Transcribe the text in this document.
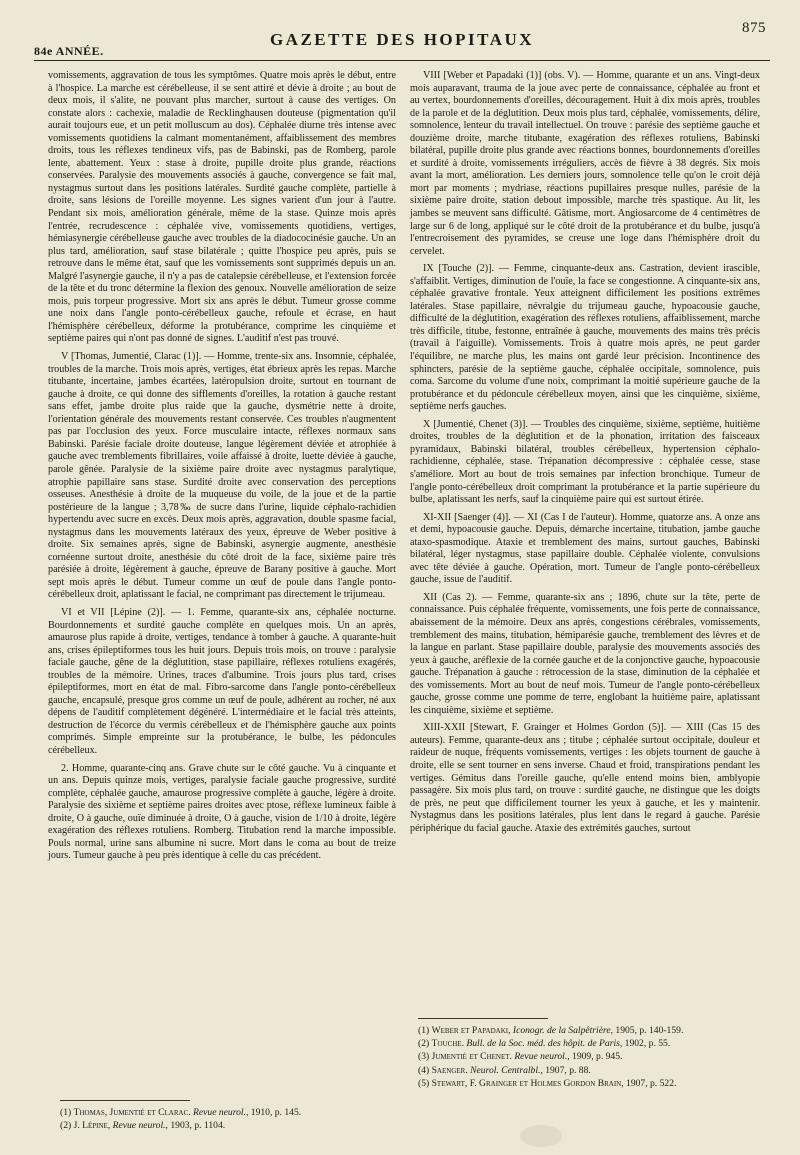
84e ANNÉE.
GAZETTE DES HOPITAUX
875

vomissements, aggravation de tous les symptômes. Quatre mois après le début, entre à l'hospice. La marche est cérébelleuse, il se sent attiré et dévie à droite ; au bout de deux mois, il s'alite, ne pouvant plus marcher, surtout à cause des vertiges. On constate alors : cachexie, maladie de Recklinghausen douteuse (pigmentation qu'il aurait toujours eue, et un petit molluscum au dos). Céphalée diurne très intense avec vomissements quotidiens la calmant momentanément, affaiblissement des membres droits, tous les réflexes tendineux vifs, pas de Babinski, pas de Romberg, parole lente, abattement. Yeux : stase à droite, pupille droite plus grande, réactions conservées. Paralysie des mouvements associés à gauche, convergence se fait mal, nystagmus surtout dans les positions latérales. Surdité gauche complète, partielle à droite, sans lésions de l'oreille moyenne. Les signes varient d'un jour à l'autre. Pendant six mois, amélioration générale, même de la stase. Quinze mois après l'entrée, recrudescence : céphalée vive, vomissements quotidiens, vertiges, hémiasynergie cérébelleuse gauche avec troubles de la diadococinésie gauche. Un an plus tard, amélioration, sauf stase bilatérale ; quitte l'hospice peu après, puis se retrouve dans le même état, sauf que les vomissements sont supprimés depuis un an. Malgré l'asynergie gauche, il n'y a pas de catalepsie cérébelleuse, et l'extension forcée de la tête et du tronc détermine la flexion des genoux. Nouvelle amélioration de seize mois, puis torpeur progressive. Mort six ans après le début. Tumeur grosse comme une noix dans l'angle ponto-cérébelleux gauche, refoule et écrase, en haut l'hémisphère cérébelleux, déforme la protubérance, comprime les cinquième et septième paires qui n'ont pas donné de signes. L'auditif n'est pas trouvé.

V [Thomas, Jumentié, Clarac (1)]. — Homme, trente-six ans. Insomnie, céphalée, troubles de la marche. Trois mois après, vertiges, état ébrieux après les repas. Marche titubante, incertaine, jambes écartées, latéropulsion droite, surtout en tournant de gauche à droite, ce qui donne des sifflements d'oreilles, la rotation à gauche restant sans effet, jambe droite plus raide que la gauche, dysmétrie nette à droite, l'orientation générale des mouvements restant conservée. Ces troubles n'augmentent pas par l'occlusion des yeux. Force musculaire intacte, réflexes normaux sans Babinski. Parésie faciale droite douteuse, langue légèrement déviée et atrophiée à gauche avec tremblements fibrillaires, voile affaissé à droite, luette déviée à gauche, parole gênée. Paralysie de la sixième paire droite avec nystagmus paralytique, atrophie papillaire sans stase. Surdité droite avec conservation des perceptions osseuses. Anesthésie à droite de la muqueuse du voile, de la joue et de la partie postérieure de la langue ; 3,78‰ de sucre dans l'urine, liquide céphalo-rachidien hypertendu avec sucre en excès. Deux mois après, aggravation, double spasme facial, nystagmus dans les mouvements latéraux des yeux, épreuve de Weber positive à droite. Six semaines après, signe de Babinski, asynergie augmente, anesthésie cornéenne surtout droite, anesthésie du côté droit de la face, sixième paire très parésiée à droite, légèrement à gauche, épreuve de Barany positive à gauche. Mort sept mois après le début. Tumeur comme un œuf de poule dans l'angle ponto-cérébelleux droit, aplatissant le facial, ne comprimant pas directement le trijumeau.

VI et VII [Lépine (2)]. — 1. Femme, quarante-six ans, céphalée nocturne. Bourdonnements et surdité gauche complète en quelques mois. Un an après, amaurose plus rapide à droite, vertiges, tendance à tomber à gauche. A quarante-huit ans, crises épileptiformes tous les huit jours. Depuis trois mois, on trouve : paralysie faciale gauche, gêne de la déglutition, stase papillaire, réflexes rotuliens exagérés, troubles de la mémoire. Urines, traces d'albumine. Trois jours plus tard, crises épileptiformes, mort en état de mal. Fibro-sarcome dans l'angle ponto-cérébelleux gauche, encapsulé, presque gros comme un œuf de poule, adhérent au rocher, né aux dépens de l'auditif complètement dégénéré. L'intermédiaire et le facial très atteints, destruction de l'écorce du vermis cérébelleux et de l'hémisphère gauche aux points comprimés. Simple empreinte sur la protubérance, le bulbe, les pédoncules cérébelleux.

2. Homme, quarante-cinq ans. Grave chute sur le côté gauche. Vu à cinquante et un ans. Depuis quinze mois, vertiges, paralysie faciale gauche progressive, surdité complète, céphalée gauche, amaurose progressive complète à gauche, légère à droite. Paralysie des sixième et septième paires droites avec ptose, réflexe lumineux faible à droite, O à gauche, ouïe diminuée à droite, O à gauche, vision de 1/10 à droite, légère exagération des réflexes rotuliens. Romberg. Titubation rend la marche impossible. Pouls normal, urine sans albumine ni sucre. Mort dans le coma au bout de treize jours. Tumeur gauche à peu près identique à celle du cas précédent.

VIII [Weber et Papadaki (1)] (obs. V). — Homme, quarante et un ans. Vingt-deux mois auparavant, trauma de la joue avec perte de connaissance, céphalée au front et au vertex, bourdonnements d'oreilles, découragement. Huit à dix mois après, troubles de la parole et de la déglutition. Deux mois plus tard, céphalée, vomissements, délire, somnolence, lenteur du travail intellectuel. On trouve : parésie des septième gauche et douzième droite, marche titubante, exagération des réflexes rotuliens, Babinski bilatéral, pupille droite plus grande avec réactions bonnes, bourdonnements d'oreilles et surdité à droite, vomissements irréguliers, accès de fièvre à 38 degrés. Six mois avant la mort, amélioration. Les derniers jours, somnolence telle qu'on le croit déjà mort par moments ; mydriase, réactions pupillaires presque nulles, parésie de la sixième paire droite, station debout impossible, marche très spastique. Au lit, les jambes se meuvent sans difficulté. Gâtisme, mort. Angiosarcome de 4 centimètres de large sur 6 de long, appliqué sur le côté droit de la protubérance et du bulbe, jusqu'à l'entrecroisement des pyramides, se creuse une loge dans l'hémisphère droit du cervelet.

IX [Touche (2)]. — Femme, cinquante-deux ans. Castration, devient irascible, s'affaiblit. Vertiges, diminution de l'ouïe, la face se congestionne. A cinquante-six ans, céphalée gravative frontale. Yeux atteignent difficilement les positions extrêmes latérales. Stase papillaire, névralgie du trijumeau gauche, hypoacousie gauche, difficulté de la déglutition, exagération des réflexes rotuliens, affaiblissement, marche très difficile, titube, festonne, entraînée à gauche, mouvements des mains très précis (travail à l'aiguille). Vomissements. Trois à quatre mois après, ne peut garder l'équilibre, ne marche plus, les mains ont gardé leur précision. Incontinence des sphincters, parésie de la septième gauche, céphalée occipitale, somnolence, puis coma. Sarcome du volume d'une noix, comprimant la moitié supérieure gauche de la protubérance et du pédoncule cérébelleux moyen, ainsi que les cinquième, sixième, septième nerfs gauches.

X [Jumentié, Chenet (3)]. — Troubles des cinquième, sixième, septième, huitième droites, troubles de la déglutition et de la phonation, irritation des faisceaux pyramidaux, Babinski bilatéral, troubles cérébelleux, hypertension céphalo-rachidienne, céphalée, stase. Trépanation décompressive : céphalée cesse, stase s'améliore. Mort au bout de trois semaines par infection bronchique. Tumeur de l'angle ponto-cérébelleux droit comprimant la protubérance et la partie supérieure du bulbe, aplatissant les nerfs, sauf la cinquième paire qui est surtout étirée.

XI-XII [Saenger (4)]. — XI (Cas I de l'auteur). Homme, quatorze ans. A onze ans et demi, hypoacousie gauche. Depuis, démarche incertaine, titubation, jambe gauche ataxo-spasmodique. Ataxie et tremblement des mains, surtout gauches, Babinski bilatéral, léger nystagmus, stase papillaire double. Céphalée violente, convulsions avec tête déviée à gauche. Opération, mort. Tumeur de l'angle ponto-cérébelleux gauche, issue de l'auditif.

XII (Cas 2). — Femme, quarante-six ans ; 1896, chute sur la tête, perte de connaissance. Puis céphalée fréquente, vomissements, une fois perte de connaissance, abaissement de la mémoire. Deux ans après, congestions cérébrales, vomissements, tremblement des mains, titubation, hémiparésie gauche, tremblement des lèvres et de la langue en parlant. Stase papillaire double, paralysie des mouvements associés des yeux à gauche, aréflexie de la cornée gauche et de la conjonctive gauche, hypoacousie gauche. Trépanation à gauche : rétrocession de la stase, diminution de la céphalée et des vomissements. Mort au bout de neuf mois. Tumeur de l'angle ponto-cérébelleux gauche, grosse comme une pomme de terre, englobant la huitième paire, aplatissant les cinquième, sixième et septième.

XIII-XXII [Stewart, F. Grainger et Holmes Gordon (5)]. — XIII (Cas 15 des auteurs). Femme, quarante-deux ans ; titube ; céphalée surtout occipitale, douleur et raideur de nuque, fréquents vomissements, vertiges : les objets tournent de gauche à droite, elle se sent tourner en sens inverse. Chaud et froid, transpirations pendant les vertiges. Gémitus dans l'oreille gauche, qu'elle entend moins bien, amblyopie passagère. Six mois plus tard, on trouve : surdité gauche, ne distingue que les doigts de près, ne peut que difficilement tourner les yeux à gauche, et les y maintenir. Nystagmus dans les positions latérales, plus lent dans le regard à gauche. Parésie périphérique du facial gauche. Ataxie des extrémités gauches, surtout

(1) Weber et Papadaki, Iconogr. de la Salpêtrière, 1905, p. 140-159.
(2) Touche. Bull. de la Soc. méd. des hôpit. de Paris, 1902, p. 55.
(3) Jumentié et Chenet. Revue neurol., 1909, p. 945.
(4) Saenger. Neurol. Centralbl., 1907, p. 88.
(5) Stewart, F. Grainger et Holmes Gordon Brain, 1907, p. 522.
(1) Thomas, Jumentié et Clarac. Revue neurol., 1910, p. 145.
(2) J. Lépine, Revue neurol., 1903, p. 1104.
